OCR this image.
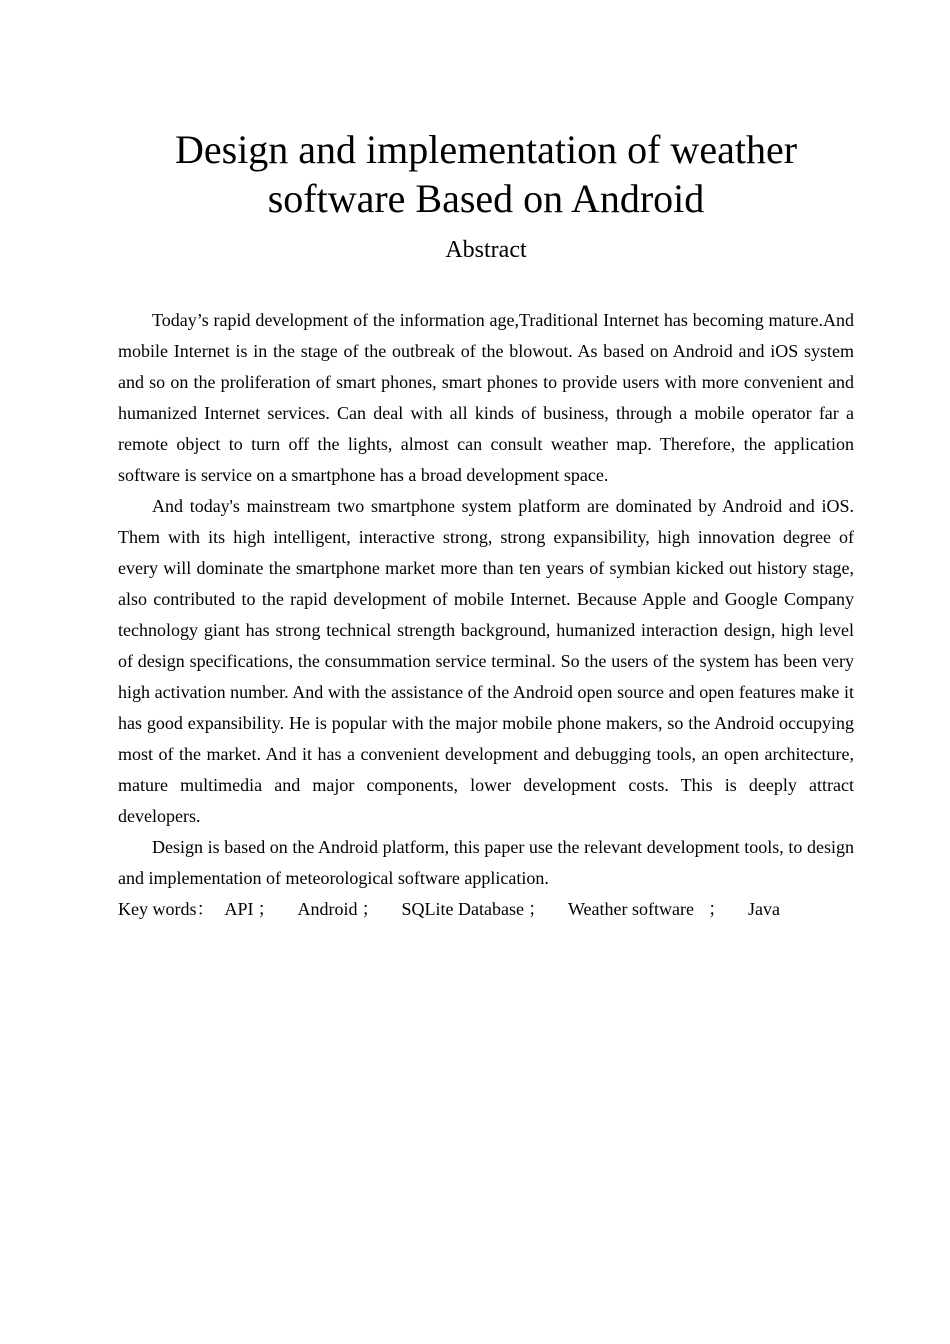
Design and implementation of weather
software Based on Android
Abstract

Today’s rapid development of the information age,Traditional Internet has becoming mature.And mobile Internet is in the stage of the outbreak of the blowout. As based on Android and iOS system and so on the proliferation of smart phones, smart phones to provide users with more convenient and humanized Internet services. Can deal with all kinds of business, through a mobile operator far a remote object to turn off the lights, almost can consult weather map. Therefore, the application software is service on a smartphone has a broad development space.

And today's mainstream two smartphone system platform are dominated by Android and iOS. Them with its high intelligent, interactive strong, strong expansibility, high innovation degree of every will dominate the smartphone market more than ten years of symbian kicked out history stage, also contributed to the rapid development of mobile Internet. Because Apple and Google Company technology giant has strong technical strength background, humanized interaction design, high level of design specifications, the consummation service terminal. So the users of the system has been very high activation number. And with the assistance of the Android open source and open features make it has good expansibility. He is popular with the major mobile phone makers, so the Android occupying most of the market. And it has a convenient development and debugging tools, an open architecture, mature multimedia and major components, lower development costs. This is deeply attract developers.

Design is based on the Android platform, this paper use the relevant development tools, to design and implementation of meteorological software application.

Key words： API ； Android ； SQLite Database ； Weather software ； Java
